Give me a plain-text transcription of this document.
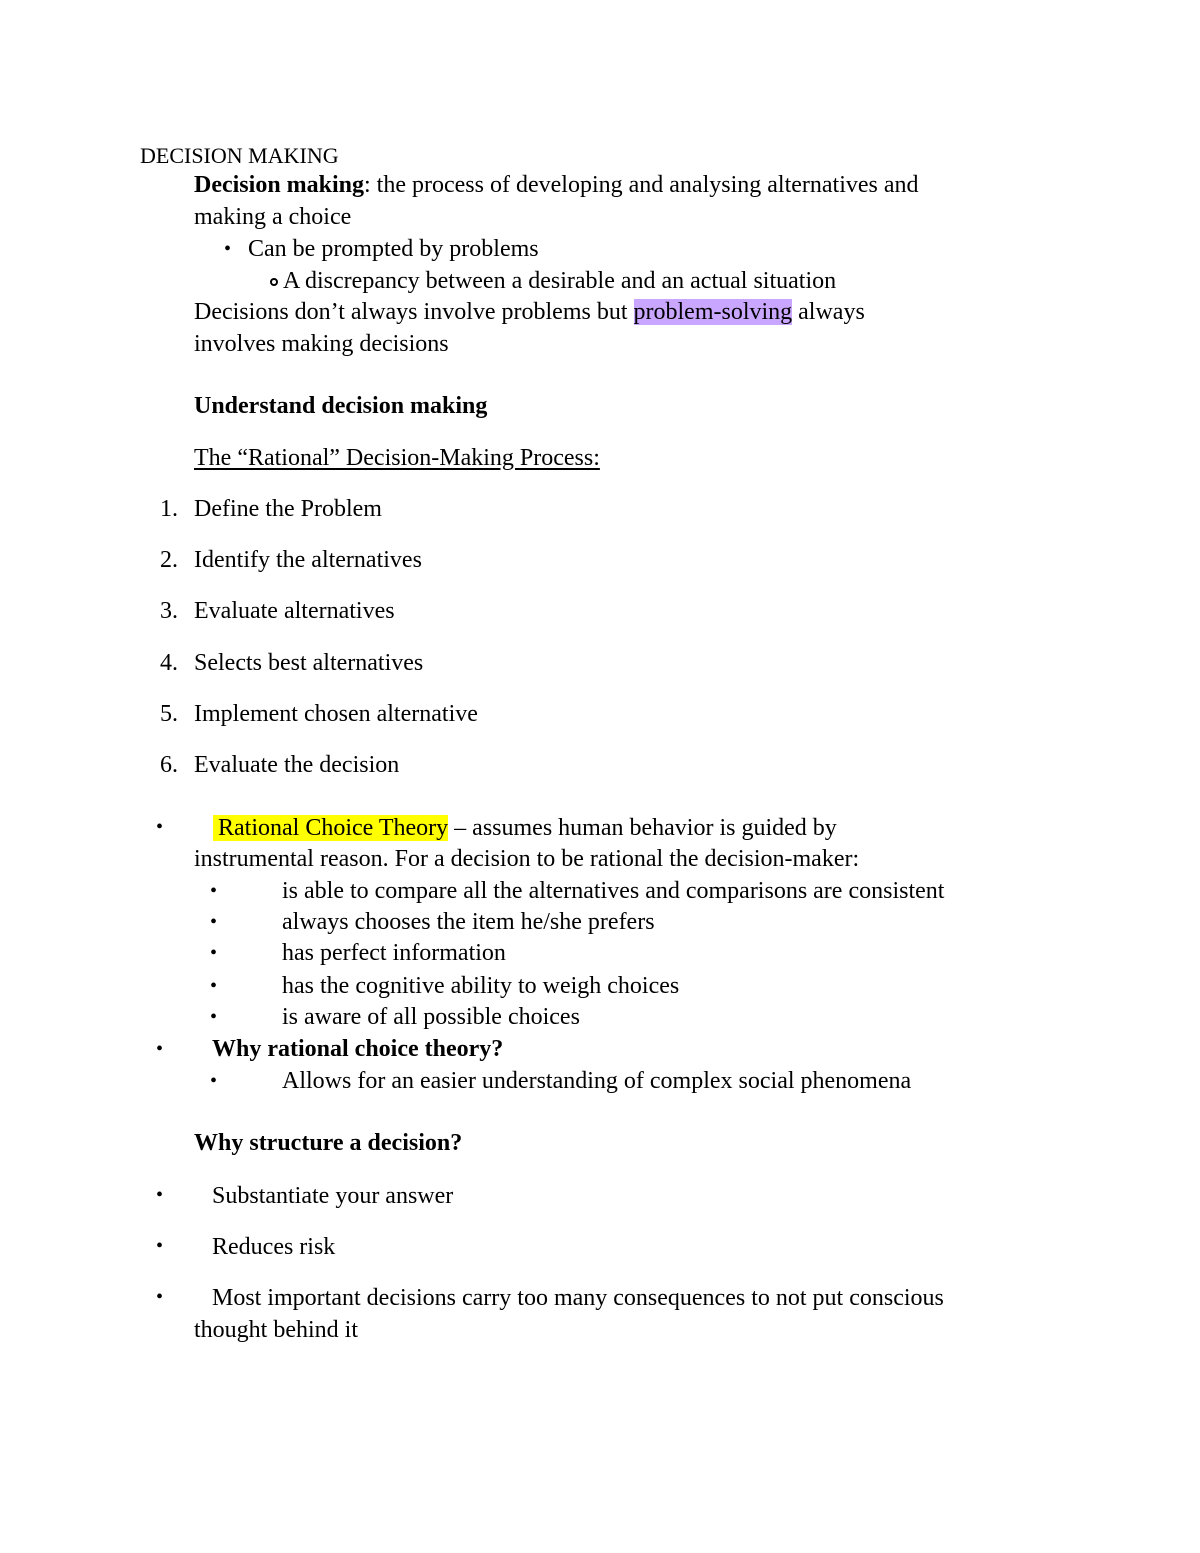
DECISION MAKING
Decision making: the process of developing and analysing alternatives and
making a choice
• Can be prompted by problems
A discrepancy between a desirable and an actual situation
Decisions don’t always involve problems but problem-solving always
involves making decisions
Understand decision making
The “Rational” Decision-Making Process:
1. Define the Problem
2. Identify the alternatives
3. Evaluate alternatives
4. Selects best alternatives
5. Implement chosen alternative
6. Evaluate the decision
• Rational Choice Theory – assumes human behavior is guided by
instrumental reason. For a decision to be rational the decision-maker:
•	is able to compare all the alternatives and comparisons are consistent
•	always chooses the item he/she prefers
•	has perfect information
•	has the cognitive ability to weigh choices
•	is aware of all possible choices
• Why rational choice theory?
•	Allows for an easier understanding of complex social phenomena
Why structure a decision?
• Substantiate your answer
• Reduces risk
• Most important decisions carry too many consequences to not put conscious
thought behind it
